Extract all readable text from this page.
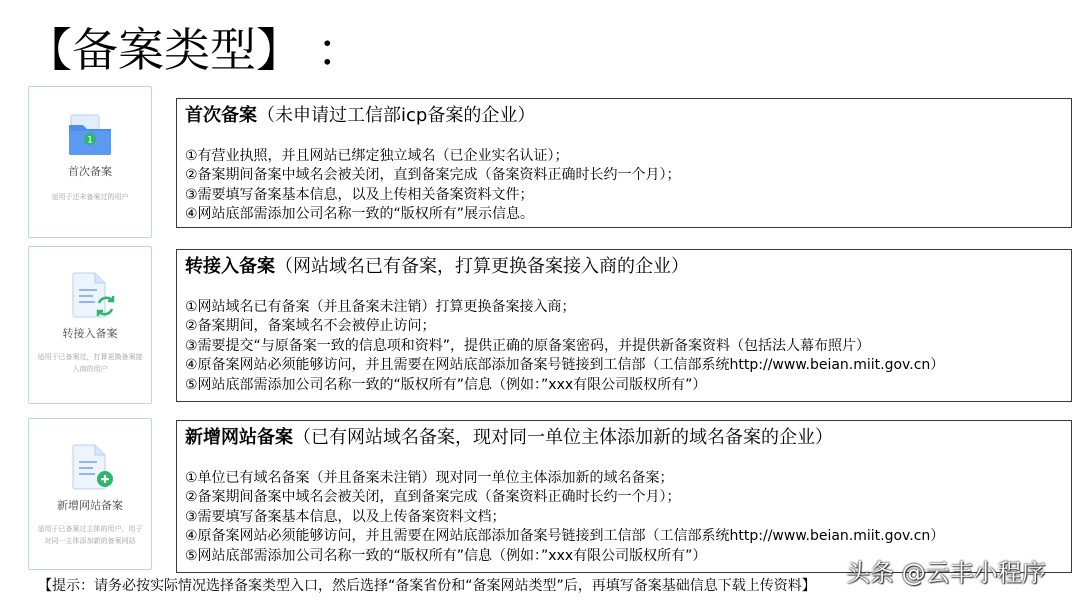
【备案类型】 ：
1
首次备案
适用于还未备案过的用户
转接入备案
适用于已备案过，打算更换备案接入商的用户
新增网站备案
适用于已备案过主体的用户，用于对同一主体添加新的备案网站
首次备案（未申请过工信部icp备案的企业）
①有营业执照，并且网站已绑定独立域名（已企业实名认证）；
②备案期间备案中域名会被关闭，直到备案完成（备案资料正确时长约一个月）；
③需要填写备案基本信息，以及上传相关备案资料文件；
④网站底部需添加公司名称一致的“版权所有”展示信息。
转接入备案（网站域名已有备案，打算更换备案接入商的企业）
①网站域名已有备案（并且备案未注销）打算更换备案接入商；
②备案期间，备案域名不会被停止访问；
③需要提交“与原备案一致的信息项和资料”，提供正确的原备案密码，并提供新备案资料（包括法人幕布照片）
④原备案网站必须能够访问，并且需要在网站底部添加备案号链接到工信部（工信部系统http://www.beian.miit.gov.cn）
⑤网站底部需添加公司名称一致的“版权所有”信息（例如：”xxx有限公司版权所有”）
新增网站备案（已有网站域名备案，现对同一单位主体添加新的域名备案的企业）
①单位已有域名备案（并且备案未注销）现对同一单位主体添加新的域名备案；
②备案期间备案中域名会被关闭，直到备案完成（备案资料正确时长约一个月）；
③需要填写备案基本信息，以及上传备案资料文档；
④原备案网站必须能够访问，并且需要在网站底部添加备案号链接到工信部（工信部系统http://www.beian.miit.gov.cn）
⑤网站底部需添加公司名称一致的“版权所有”信息（例如：”xxx有限公司版权所有”）
【提示：请务必按实际情况选择备案类型入口，然后选择“备案省份和“备案网站类型”后，再填写备案基础信息下载上传资料】 头条 @云丰小程序
